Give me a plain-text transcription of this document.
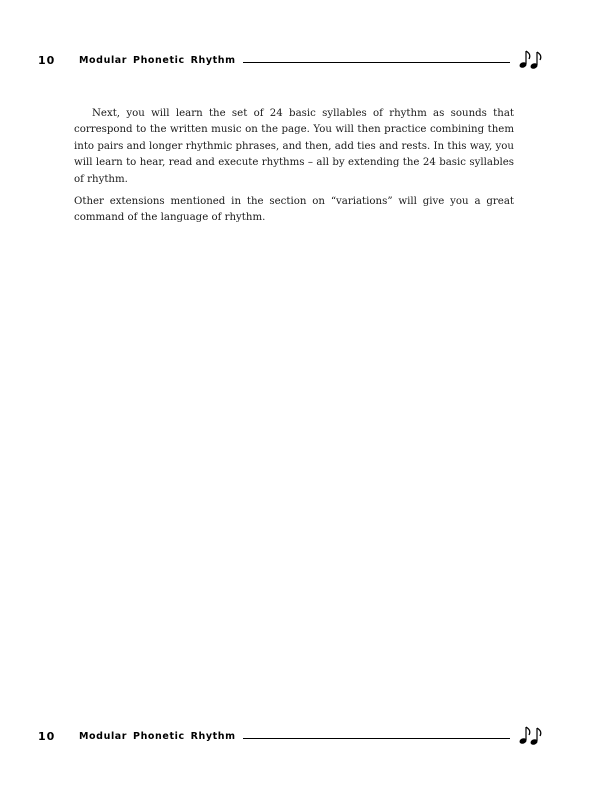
10 Modular Phonetic Rhythm

Next, you will learn the set of 24 basic syllables of rhythm as sounds that correspond to the written music on the page. You will then practice combining them into pairs and longer rhythmic phrases, and then, add ties and rests. In this way, you will learn to hear, read and execute rhythms – all by extending the 24 basic syllables of rhythm.

Other extensions mentioned in the section on “variations” will give you a great command of the language of rhythm.

10 Modular Phonetic Rhythm
